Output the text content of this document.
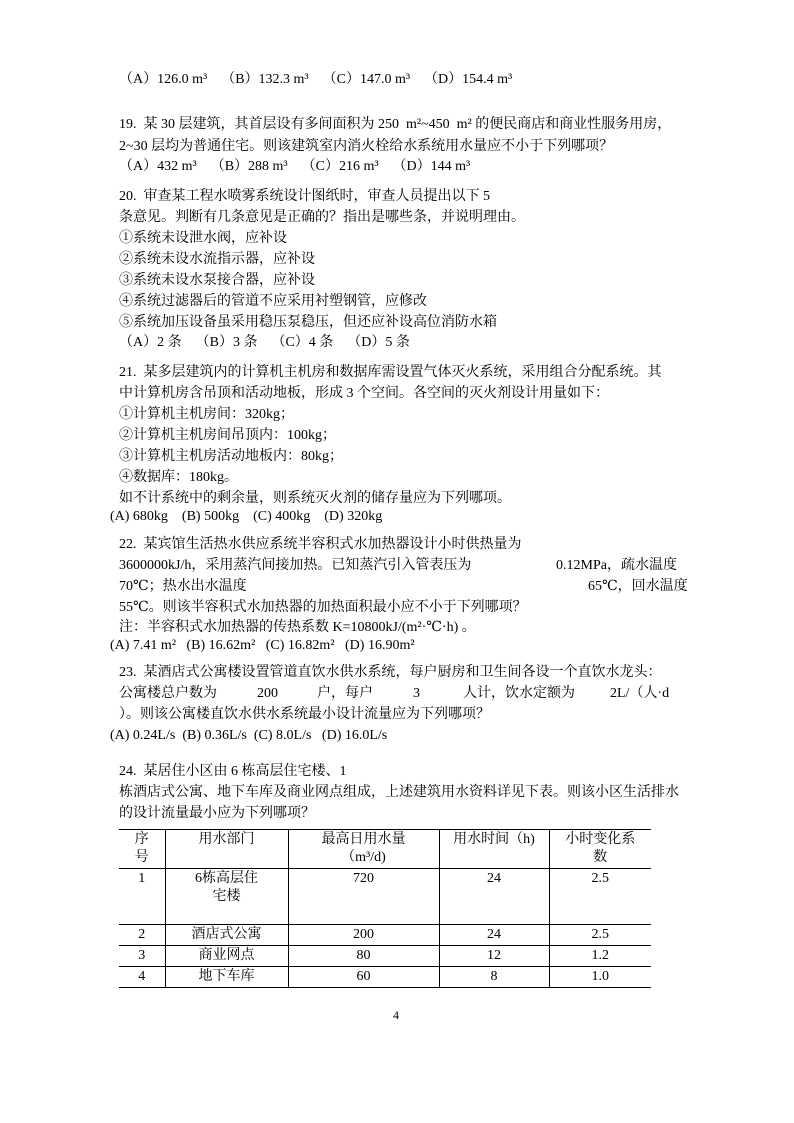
（A）126.0 m³    （B）132.3 m³    （C）147.0 m³    （D）154.4 m³
19.  某 30 层建筑，其首层设有多间面积为 250  m²~450  m² 的便民商店和商业性服务用房，
2~30 层均为普通住宅。则该建筑室内消火栓给水系统用水量应不小于下列哪项？
（A）432 m³    （B）288 m³    （C）216 m³    （D）144 m³
20.  审查某工程水喷雾系统设计图纸时，审查人员提出以下 5
条意见。判断有几条意见是正确的？指出是哪些条，并说明理由。
①系统未设泄水阀，应补设
②系统未设水流指示器，应补设
③系统未设水泵接合器，应补设
④系统过滤器后的管道不应采用衬塑钢管，应修改
⑤系统加压设备虽采用稳压泵稳压，但还应补设高位消防水箱
（A）2 条    （B）3 条    （C）4 条    （D）5 条
21.  某多层建筑内的计算机主机房和数据库需设置气体灭火系统，采用组合分配系统。其
中计算机房含吊顶和活动地板，形成 3 个空间。各空间的灭火剂设计用量如下：
①计算机主机房间：320kg；
②计算机主机房间吊顶内：100kg；
③计算机主机房活动地板内：80kg；
④数据库：180kg。
如不计系统中的剩余量，则系统灭火剂的储存量应为下列哪项。
(A) 680kg    (B) 500kg    (C) 400kg    (D) 320kg
22.  某宾馆生活热水供应系统半容积式水加热器设计小时供热量为
3600000kJ/h，采用蒸汽间接加热。已知蒸汽引入管表压为	0.12MPa，疏水温度
70℃；热水出水温度	65℃，回水温度
55℃。则该半容积式水加热器的加热面积最小应不小于下列哪项？
注：半容积式水加热器的传热系数 K=10800kJ/(m²·℃·h) 。
(A) 7.41 m²   (B) 16.62m²   (C) 16.82m²   (D) 16.90m²
23.  某酒店式公寓楼设置管道直饮水供水系统，每户厨房和卫生间各设一个直饮水龙头：
公寓楼总户数为	200	户，每户	3	人计，饮水定额为	2L/（人·d
）。则该公寓楼直饮水供水系统最小设计流量应为下列哪项？
(A) 0.24L/s  (B) 0.36L/s  (C) 8.0L/s   (D) 16.0L/s
24.  某居住小区由 6 栋高层住宅楼、1
栋酒店式公寓、地下车库及商业网点组成，上述建筑用水资料详见下表。则该小区生活排水
的设计流量最小应为下列哪项？
序号	用水部门	最高日用水量（m³/d)	用水时间（h)	小时变化系数

1	6栋高层住宅楼	720	24	2.5
2	酒店式公寓	200	24	2.5
3	商业网点	80	12	1.2
4	地下车库	60	8	1.0
4
